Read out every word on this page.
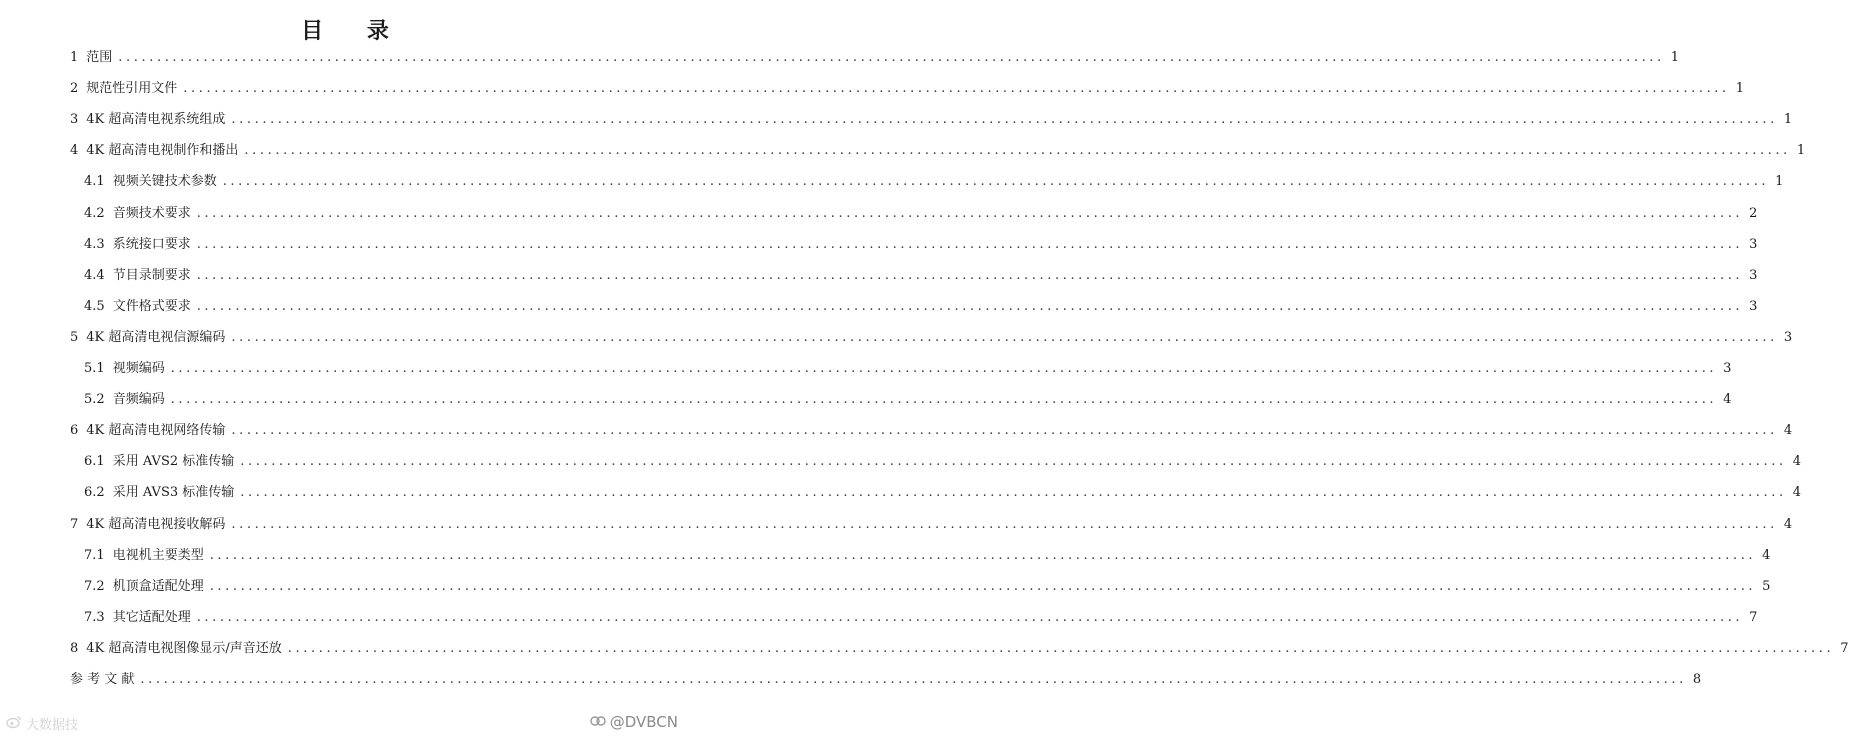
目 录
1 范围 ........................................................................................................................................................................................................ 1
2 规范性引用文件 ........................................................................................................................................................................................................ 1
3 4K 超高清电视系统组成 ........................................................................................................................................................................................................ 1
4 4K 超高清电视制作和播出 ........................................................................................................................................................................................................ 1
4.1 视频关键技术参数 ........................................................................................................................................................................................................ 1
4.2 音频技术要求 ........................................................................................................................................................................................................ 2
4.3 系统接口要求 ........................................................................................................................................................................................................ 3
4.4 节目录制要求 ........................................................................................................................................................................................................ 3
4.5 文件格式要求 ........................................................................................................................................................................................................ 3
5 4K 超高清电视信源编码 ........................................................................................................................................................................................................ 3
5.1 视频编码 ........................................................................................................................................................................................................ 3
5.2 音频编码 ........................................................................................................................................................................................................ 4
6 4K 超高清电视网络传输 ........................................................................................................................................................................................................ 4
6.1 采用 AVS2 标准传输 ........................................................................................................................................................................................................ 4
6.2 采用 AVS3 标准传输 ........................................................................................................................................................................................................ 4
7 4K 超高清电视接收解码 ........................................................................................................................................................................................................ 4
7.1 电视机主要类型 ........................................................................................................................................................................................................ 4
7.2 机顶盒适配处理 ........................................................................................................................................................................................................ 5
7.3 其它适配处理 ........................................................................................................................................................................................................ 7
8 4K 超高清电视图像显示/声音还放 ........................................................................................................................................................................................................ 7
参 考 文 献 ........................................................................................................................................................................................................ 8
大数据技	@DVBCN
